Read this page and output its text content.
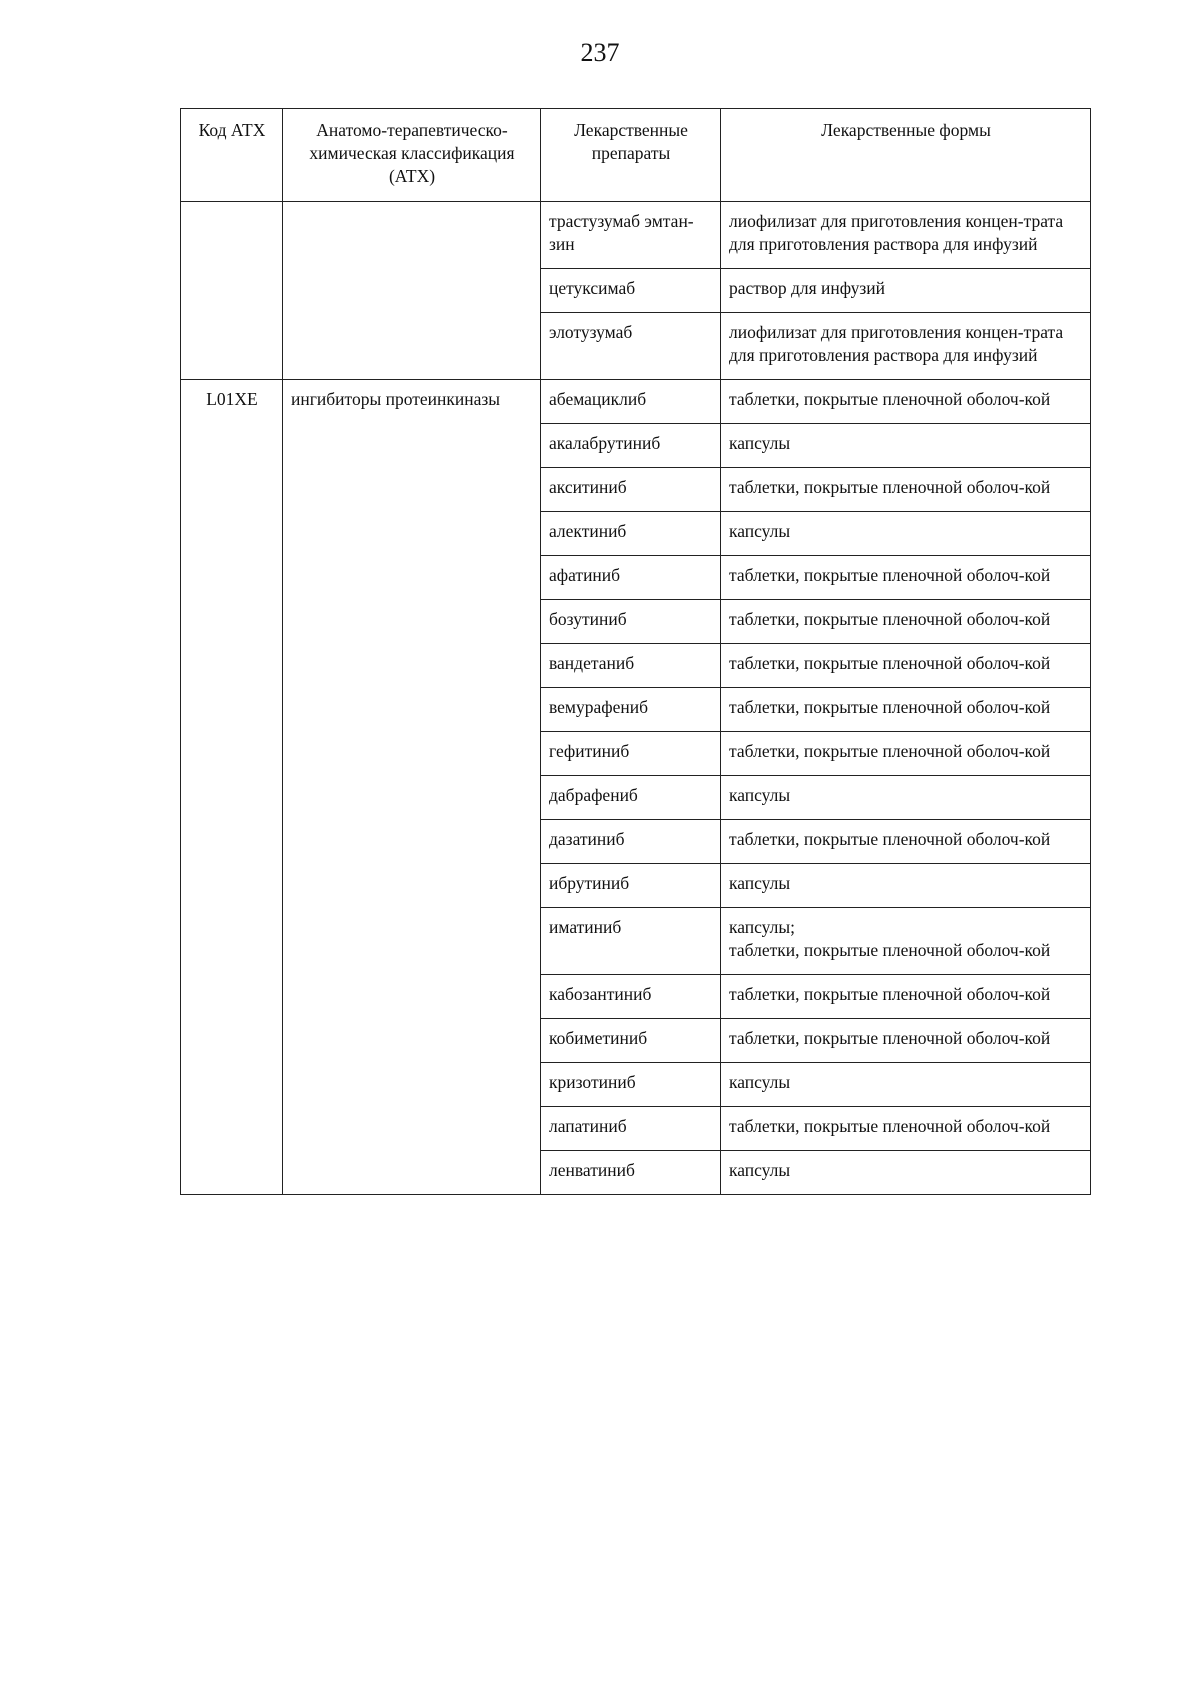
237
Код АТХ	Анатомо-терапевтическо-химическая классификация (АТХ)	Лекарственные препараты	Лекарственные формы
		трастузумаб эмтан-зин	лиофилизат для приготовления концен-трата для приготовления раствора для инфузий

		цетуксимаб	раствор для инфузий

		элотузумаб	лиофилизат для приготовления концен-трата для приготовления раствора для инфузий

L01XE	ингибиторы протеинкиназы	абемациклиб	таблетки, покрытые пленочной оболоч-кой

		акалабрутиниб	капсулы

		акситиниб	таблетки, покрытые пленочной оболоч-кой

		алектиниб	капсулы

		афатиниб	таблетки, покрытые пленочной оболоч-кой

		бозутиниб	таблетки, покрытые пленочной оболоч-кой

		вандетаниб	таблетки, покрытые пленочной оболоч-кой

		вемурафениб	таблетки, покрытые пленочной оболоч-кой

		гефитиниб	таблетки, покрытые пленочной оболоч-кой

		дабрафениб	капсулы

		дазатиниб	таблетки, покрытые пленочной оболоч-кой

		ибрутиниб	капсулы

		иматиниб	капсулы;
таблетки, покрытые пленочной оболоч-кой

		кабозантиниб	таблетки, покрытые пленочной оболоч-кой

		кобиметиниб	таблетки, покрытые пленочной оболоч-кой

		кризотиниб	капсулы

		лапатиниб	таблетки, покрытые пленочной оболоч-кой

		ленватиниб	капсулы
